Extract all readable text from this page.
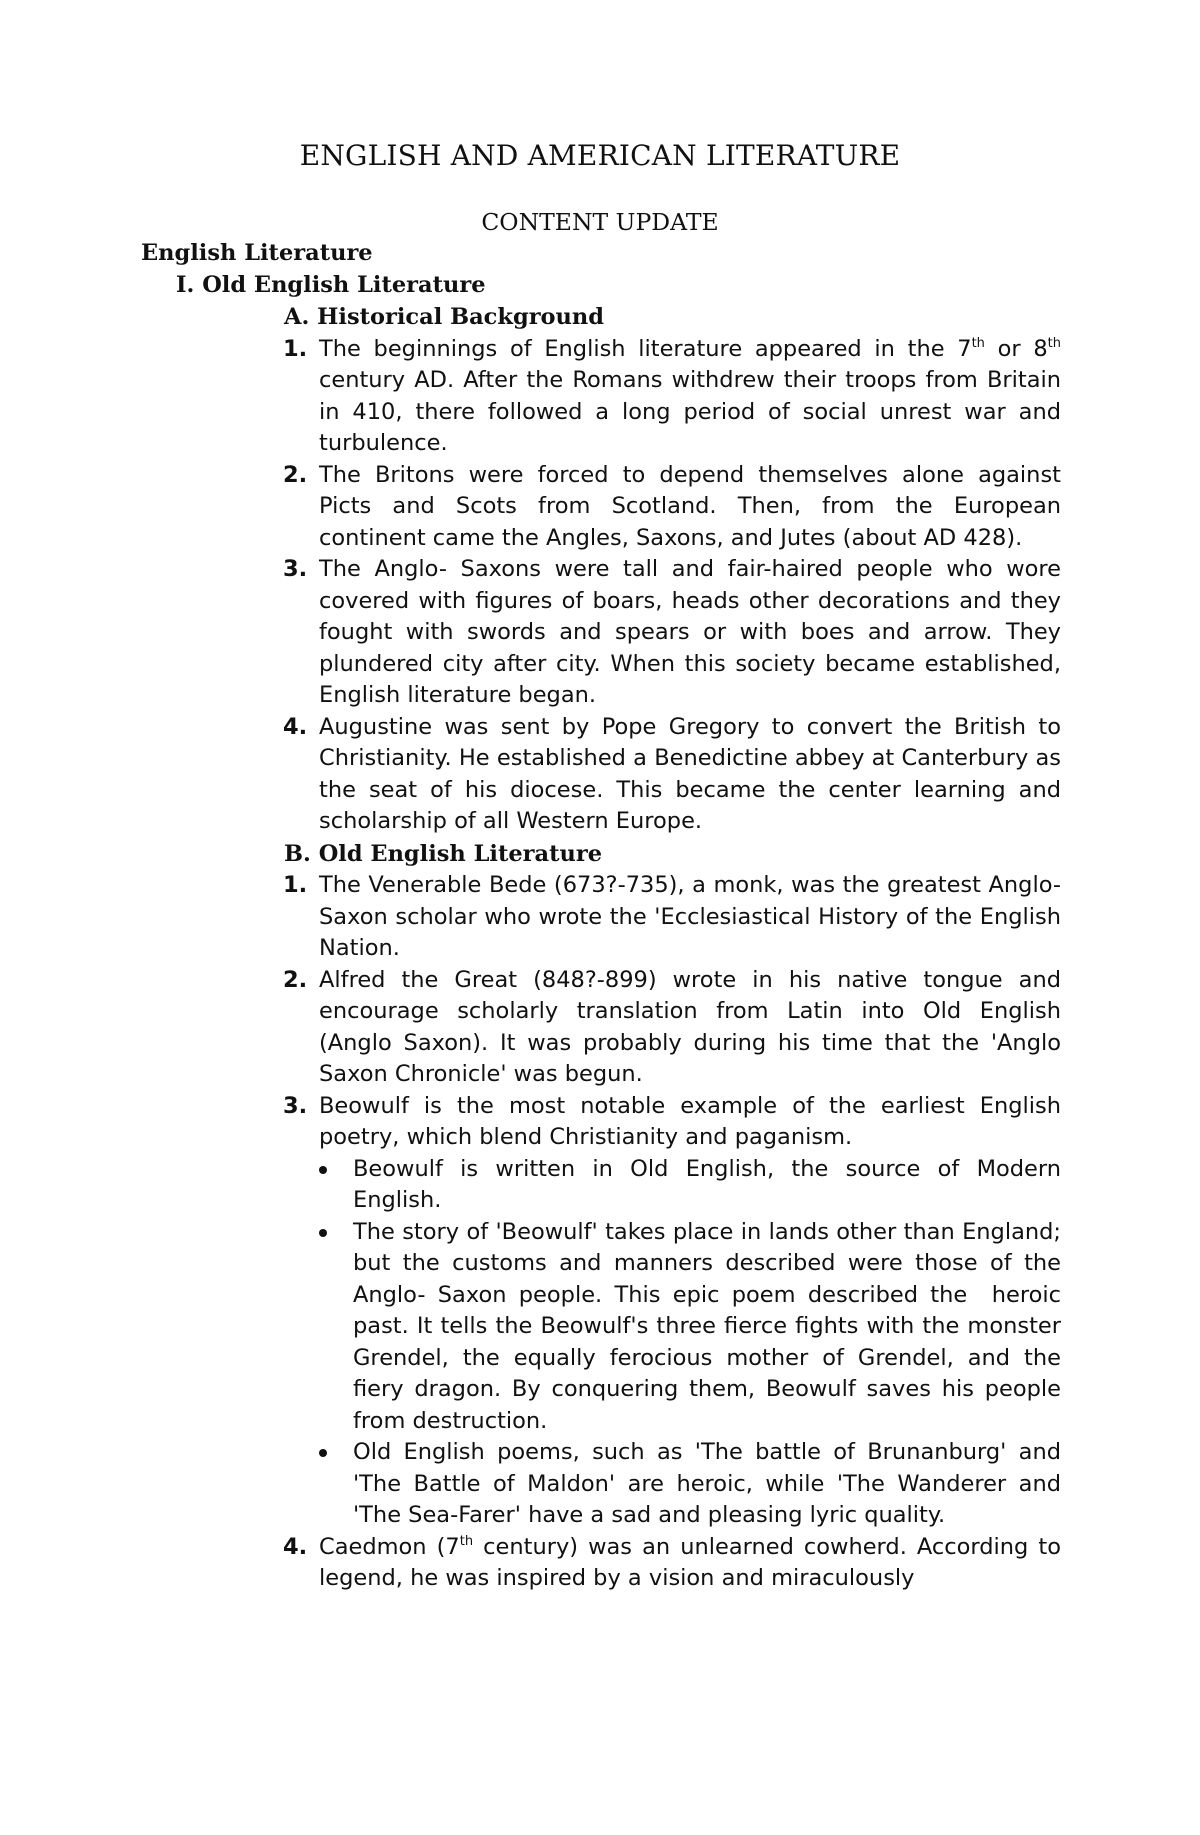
ENGLISH AND AMERICAN LITERATURE
CONTENT UPDATE
English Literature
I. Old English Literature
A. Historical Background
1. The beginnings of English literature appeared in the 7th or 8th century AD. After the Romans withdrew their troops from Britain in 410, there followed a long period of social unrest war and turbulence.
2. The Britons were forced to depend themselves alone against Picts and Scots from Scotland. Then, from the European continent came the Angles, Saxons, and Jutes (about AD 428).
3. The Anglo- Saxons were tall and fair-haired people who wore covered with figures of boars, heads other decorations and they fought with swords and spears or with boes and arrow. They plundered city after city. When this society became established, English literature began.
4. Augustine was sent by Pope Gregory to convert the British to Christianity. He established a Benedictine abbey at Canterbury as the seat of his diocese. This became the center learning and scholarship of all Western Europe.
B. Old English Literature
1. The Venerable Bede (673?-735), a monk, was the greatest Anglo-Saxon scholar who wrote the 'Ecclesiastical History of the English Nation.
2. Alfred the Great (848?-899) wrote in his native tongue and encourage scholarly translation from Latin into Old English (Anglo Saxon). It was probably during his time that the 'Anglo Saxon Chronicle' was begun.
3. Beowulf is the most notable example of the earliest English poetry, which blend Christianity and paganism.
Beowulf is written in Old English, the source of Modern English.
The story of 'Beowulf' takes place in lands other than England; but the customs and manners described were those of the Anglo- Saxon people. This epic poem described the  heroic past. It tells the Beowulf's three fierce fights with the monster Grendel, the equally ferocious mother of Grendel, and the fiery dragon. By conquering them, Beowulf saves his people from destruction.
Old English poems, such as 'The battle of Brunanburg' and 'The Battle of Maldon' are heroic, while 'The Wanderer and 'The Sea-Farer' have a sad and pleasing lyric quality.
4. Caedmon (7th century) was an unlearned cowherd. According to legend, he was inspired by a vision and miraculously
